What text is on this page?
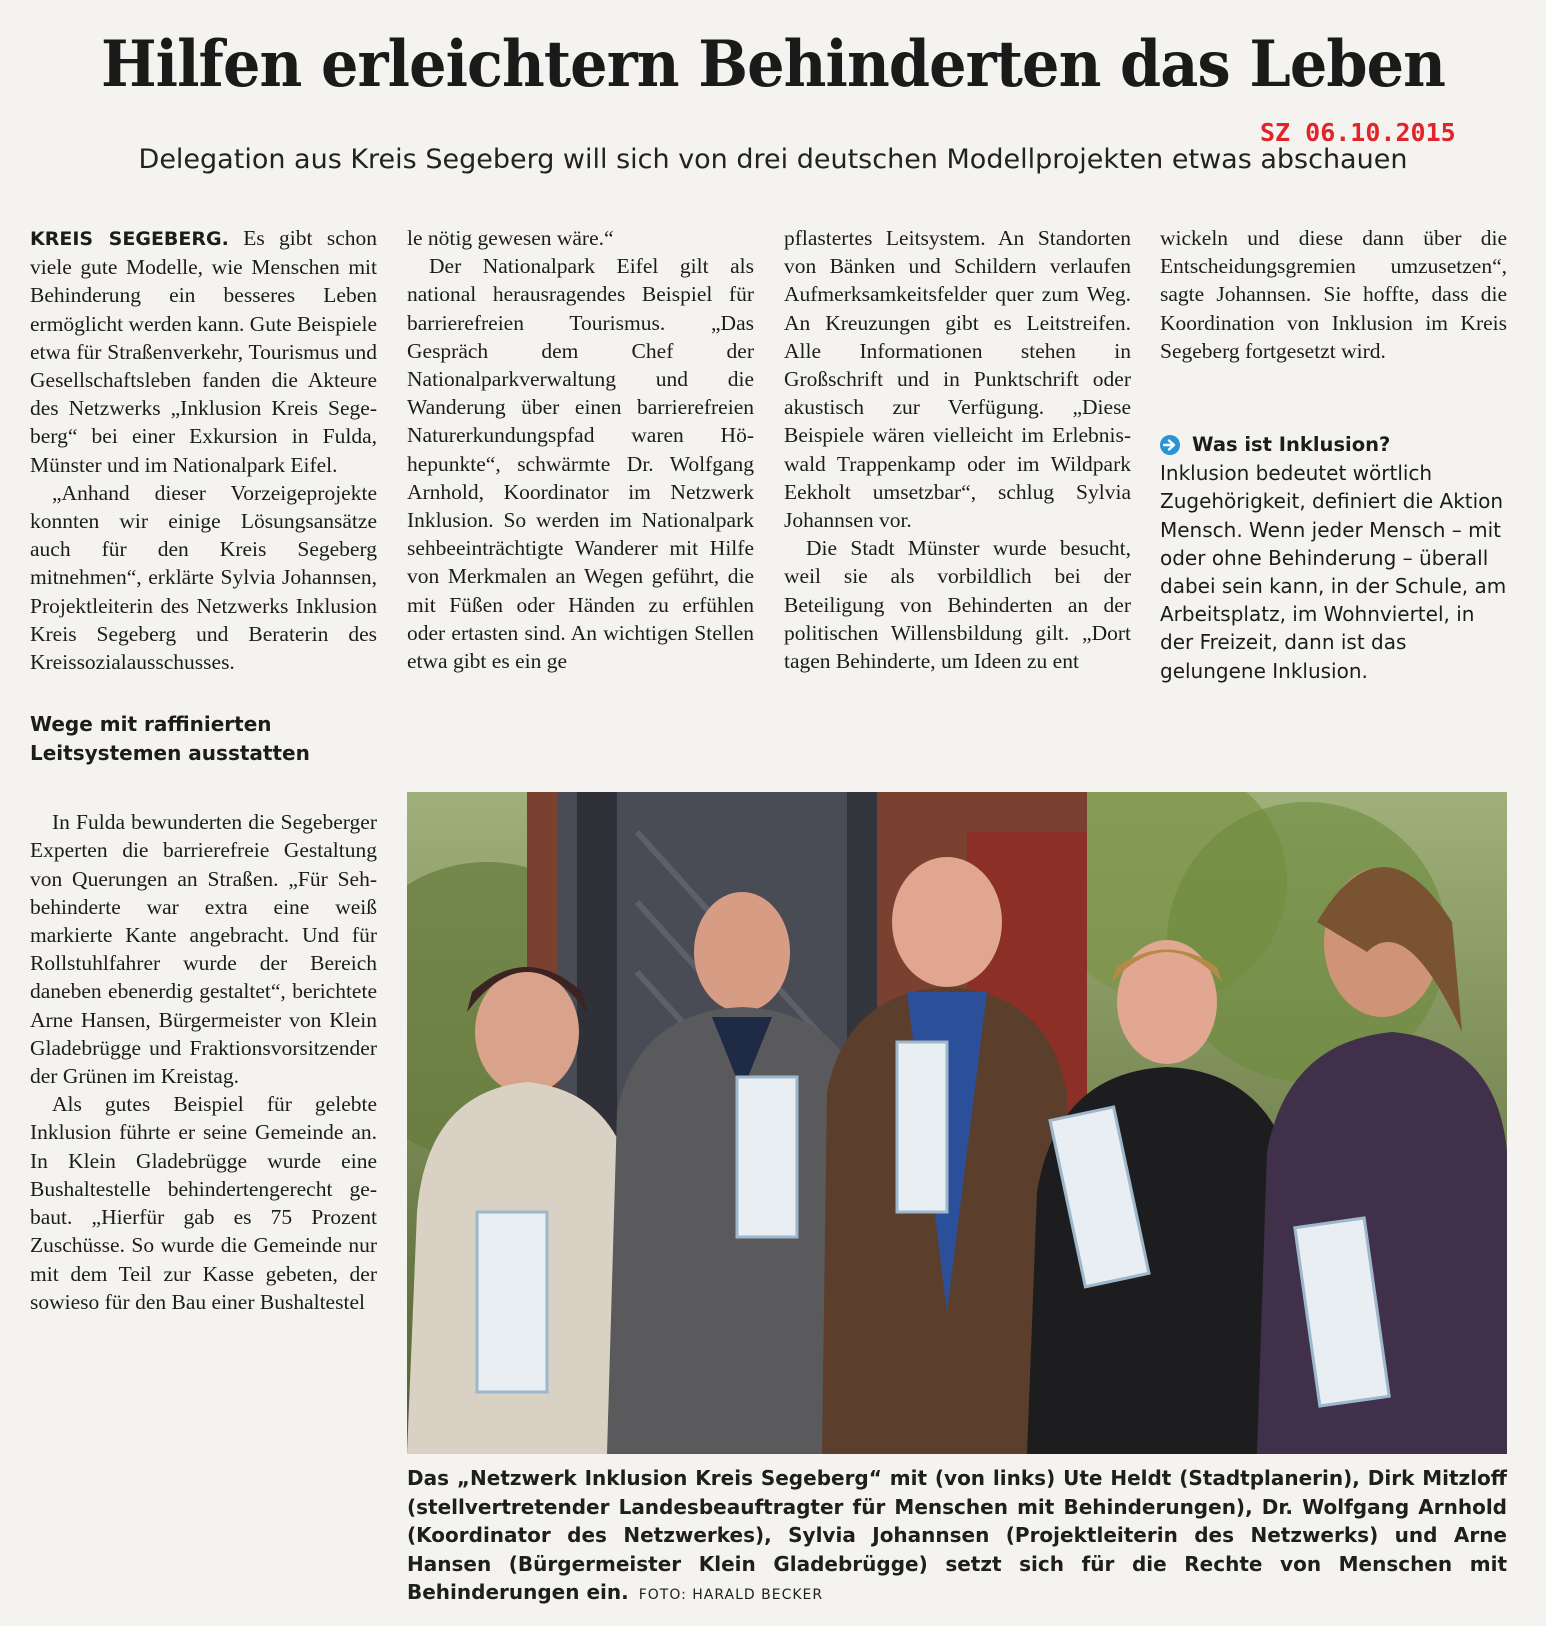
Hilfen erleichtern Behinderten das Leben
SZ 06.10.2015
Delegation aus Kreis Segeberg will sich von drei deutschen Modellprojekten etwas abschauen

KREIS SEGEBERG. Es gibt schon viele gute Modelle, wie Menschen mit Behinderung ein besseres Leben ermöglicht werden kann. Gute Beispiele etwa für Straßenverkehr, Tourismus und Gesellschaftsleben fanden die Akteure des Netzwerks „Inklusion Kreis Segeberg“ bei einer Exkursion in Fulda, Münster und im Nationalpark Eifel.

„Anhand dieser Vorzeigeprojekte konnten wir einige Lösungsansätze auch für den Kreis Segeberg mitnehmen“, erklärte Sylvia Johannsen, Projektleiterin des Netzwerks Inklusion Kreis Segeberg und Beraterin des Kreissozialausschusses.

Wege mit raffinierten Leitsystemen ausstatten

In Fulda bewunderten die Segeberger Experten die barrierefreie Gestaltung von Querungen an Straßen. „Für Sehbehinderte war extra eine weiß markierte Kante angebracht. Und für Rollstuhlfahrer wurde der Bereich daneben ebenerdig gestaltet“, berichtete Arne Hansen, Bürgermeister von Klein Gladebrügge und Fraktionsvorsitzender der Grünen im Kreistag.

Als gutes Beispiel für gelebte Inklusion führte er seine Gemeinde an. In Klein Gladebrügge wurde eine Bushaltestelle behindertengerecht gebaut. „Hierfür gab es 75 Prozent Zuschüsse. So wurde die Gemeinde nur mit dem Teil zur Kasse gebeten, der sowieso für den Bau einer Bushaltestel

le nötig gewesen wäre.“

Der Nationalpark Eifel gilt als national herausragendes Beispiel für barrierefreien Tourismus. „Das Gespräch dem Chef der Nationalparkverwaltung und die Wanderung über einen barrierefreien Naturerkundungspfad waren Höhepunkte“, schwärmte Dr. Wolfgang Arnhold, Koordinator im Netzwerk Inklusion. So werden im Nationalpark sehbeeinträchtigte Wanderer mit Hilfe von Merkmalen an Wegen geführt, die mit Füßen oder Händen zu erfühlen oder ertasten sind. An wichtigen Stellen etwa gibt es ein ge

pflastertes Leitsystem. An Standorten von Bänken und Schildern verlaufen Aufmerksamkeitsfelder quer zum Weg. An Kreuzungen gibt es Leitstreifen. Alle Informationen stehen in Großschrift und in Punktschrift oder akustisch zur Verfügung. „Diese Beispiele wären vielleicht im Erlebniswald Trappenkamp oder im Wildpark Eekholt umsetzbar“, schlug Sylvia Johannsen vor.

Die Stadt Münster wurde besucht, weil sie als vorbildlich bei der Beteiligung von Behinderten an der politischen Willensbildung gilt. „Dort tagen Behinderte, um Ideen zu ent

wickeln und diese dann über die Entscheidungsgremien umzusetzen“, sagte Johannsen. Sie hoffte, dass die Koordination von Inklusion im Kreis Segeberg fortgesetzt wird.

Was ist Inklusion?

Inklusion bedeutet wörtlich Zugehörigkeit, definiert die Aktion Mensch. Wenn jeder Mensch – mit oder ohne Behinderung – überall dabei sein kann, in der Schule, am Arbeitsplatz, im Wohnviertel, in der Freizeit, dann ist das gelungene Inklusion.

Das „Netzwerk Inklusion Kreis Segeberg“ mit (von links) Ute Heldt (Stadtplanerin), Dirk Mitzloff (stellvertretender Landesbeauftragter für Menschen mit Behinderungen), Dr. Wolfgang Arnhold (Koordinator des Netzwerkes), Sylvia Johannsen (Projektleiterin des Netzwerks) und Arne Hansen (Bürgermeister Klein Gladebrügge) setzt sich für die Rechte von Menschen mit Behinderungen ein. FOTO: HARALD BECKER
